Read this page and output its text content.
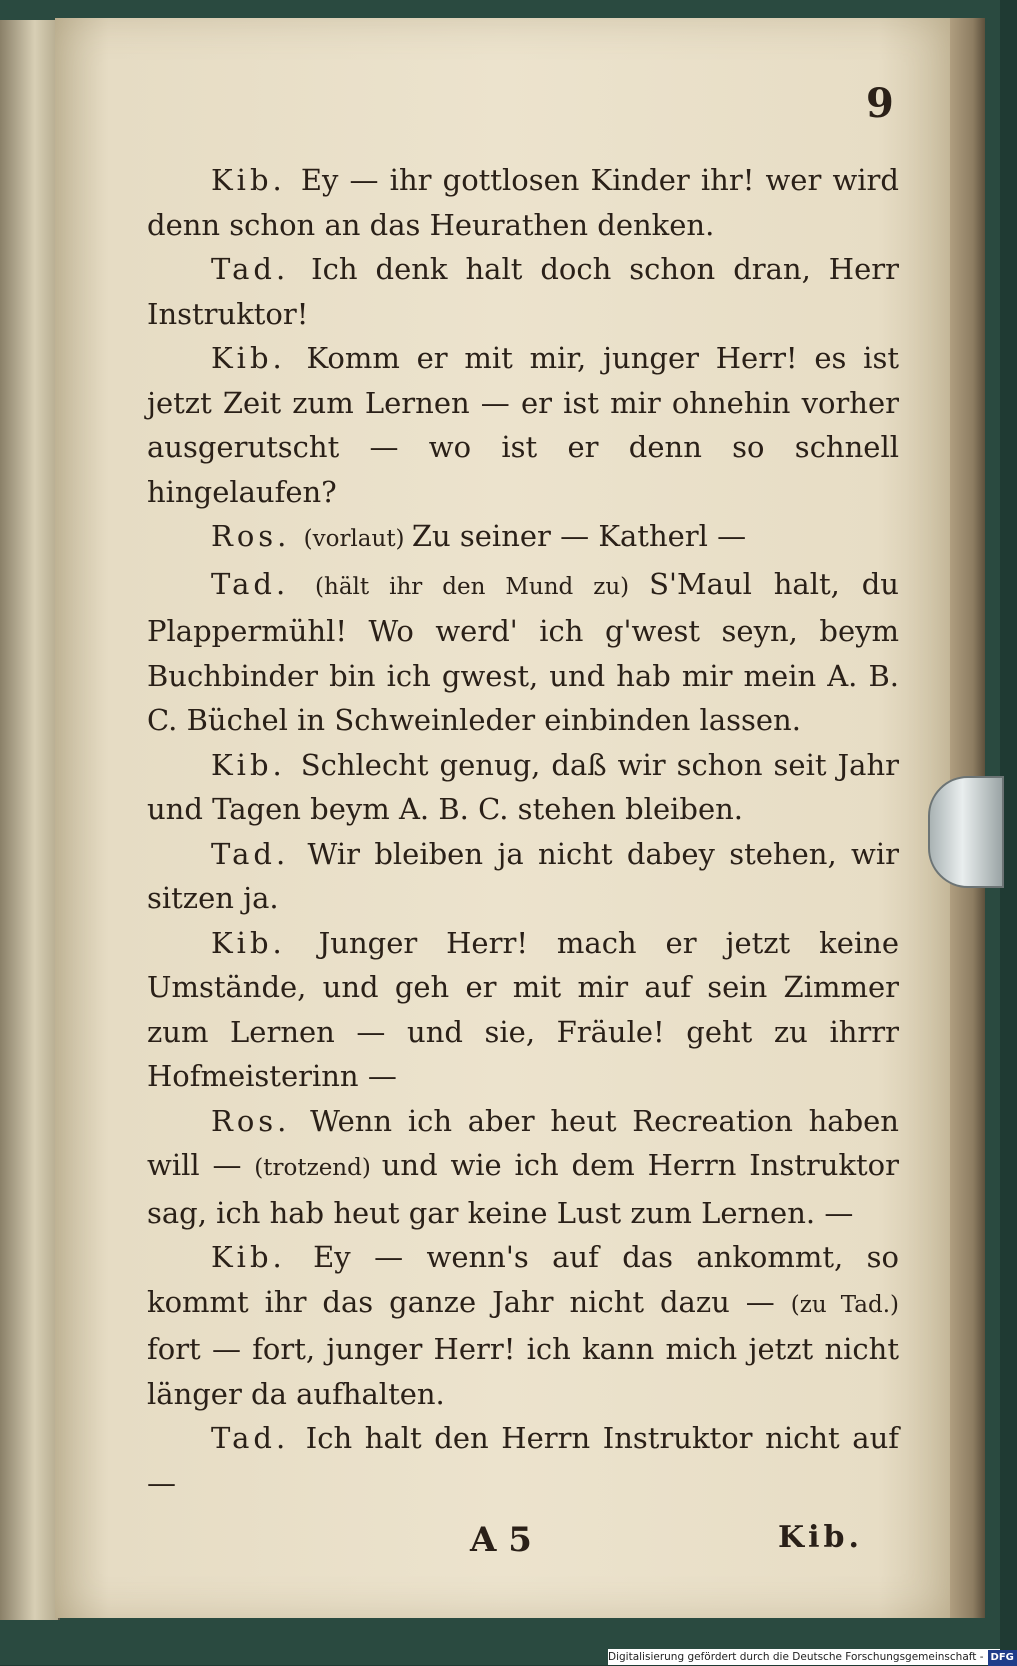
9

Kib. Ey — ihr gottlosen Kinder ihr! wer wird denn schon an das Heurathen denken.

Tad. Ich denk halt doch schon dran, Herr Instruktor!

Kib. Komm er mit mir, junger Herr! es ist jetzt Zeit zum Lernen — er ist mir ohnehin vorher ausgerutscht — wo ist er denn so schnell hingelaufen?

Ros. (vorlaut) Zu seiner — Katherl —

Tad. (hält ihr den Mund zu) S'Maul halt, du Plappermühl! Wo werd' ich g'west seyn, beym Buchbinder bin ich gwest, und hab mir mein A. B. C. Büchel in Schweinleder einbinden lassen.

Kib. Schlecht genug, daß wir schon seit Jahr und Tagen beym A. B. C. stehen bleiben.

Tad. Wir bleiben ja nicht dabey stehen, wir sitzen ja.

Kib. Junger Herr! mach er jetzt keine Umstände, und geh er mit mir auf sein Zimmer zum Lernen — und sie, Fräule! geht zu ihrrr Hofmeisterinn —

Ros. Wenn ich aber heut Recreation haben will — (trotzend) und wie ich dem Herrn Instruktor sag, ich hab heut gar keine Lust zum Lernen. —

Kib. Ey — wenn's auf das ankommt, so kommt ihr das ganze Jahr nicht dazu — (zu Tad.) fort — fort, junger Herr! ich kann mich jetzt nicht länger da aufhalten.

Tad. Ich halt den Herrn Instruktor nicht auf —

A 5	Kib.
Digitalisierung gefördert durch die Deutsche Forschungsgemeinschaft - DFG
